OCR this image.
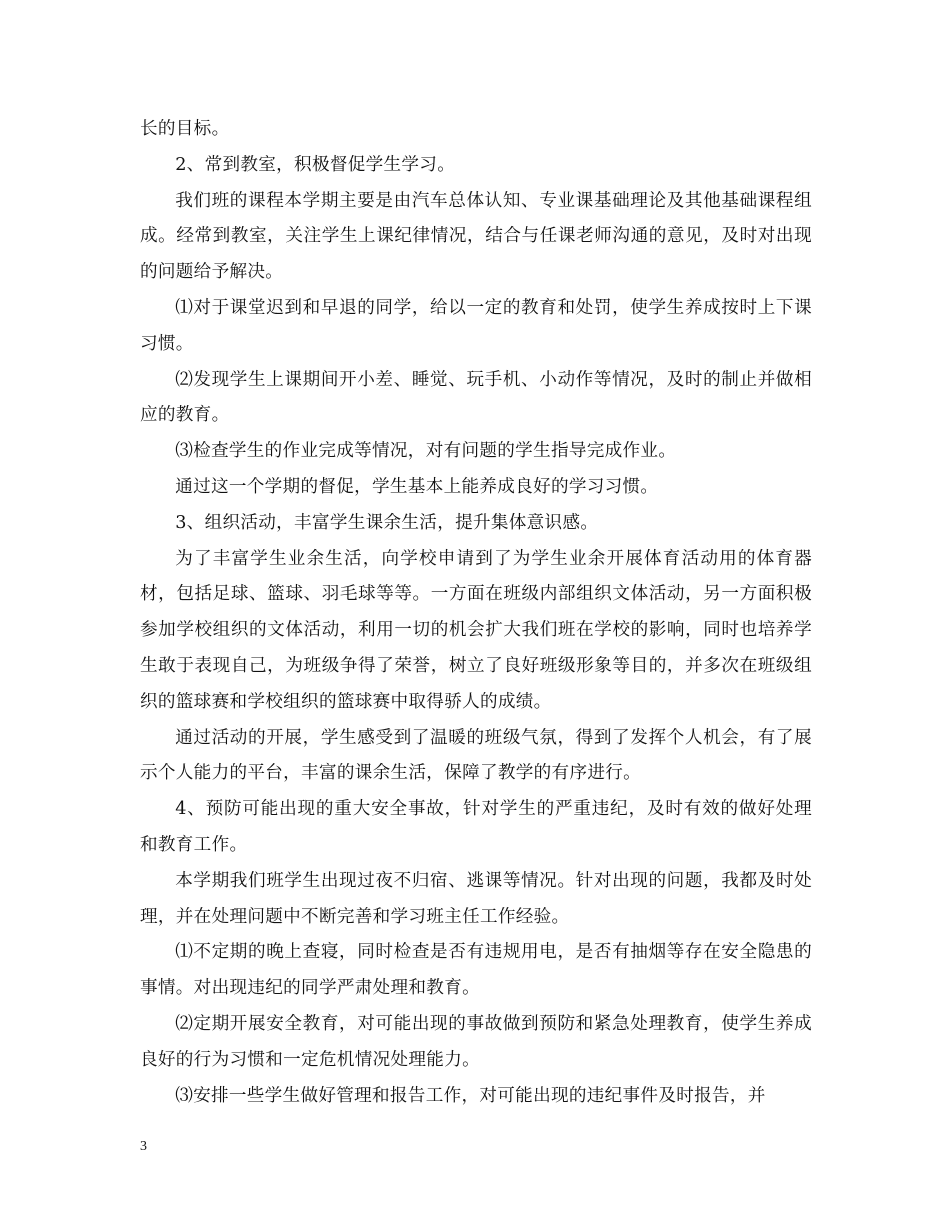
长的目标。

2、常到教室，积极督促学生学习。

我们班的课程本学期主要是由汽车总体认知、专业课基础理论及其他基础课程组成。经常到教室，关注学生上课纪律情况，结合与任课老师沟通的意见，及时对出现的问题给予解决。

⑴对于课堂迟到和早退的同学，给以一定的教育和处罚，使学生养成按时上下课习惯。

⑵发现学生上课期间开小差、睡觉、玩手机、小动作等情况，及时的制止并做相应的教育。

⑶检查学生的作业完成等情况，对有问题的学生指导完成作业。

通过这一个学期的督促，学生基本上能养成良好的学习习惯。

3、组织活动，丰富学生课余生活，提升集体意识感。

为了丰富学生业余生活，向学校申请到了为学生业余开展体育活动用的体育器材，包括足球、篮球、羽毛球等等。一方面在班级内部组织文体活动，另一方面积极参加学校组织的文体活动，利用一切的机会扩大我们班在学校的影响，同时也培养学生敢于表现自己，为班级争得了荣誉，树立了良好班级形象等目的，并多次在班级组织的篮球赛和学校组织的篮球赛中取得骄人的成绩。

通过活动的开展，学生感受到了温暖的班级气氛，得到了发挥个人机会，有了展示个人能力的平台，丰富的课余生活，保障了教学的有序进行。

4、预防可能出现的重大安全事故，针对学生的严重违纪，及时有效的做好处理和教育工作。

本学期我们班学生出现过夜不归宿、逃课等情况。针对出现的问题，我都及时处理，并在处理问题中不断完善和学习班主任工作经验。

⑴不定期的晚上查寝，同时检查是否有违规用电，是否有抽烟等存在安全隐患的事情。对出现违纪的同学严肃处理和教育。

⑵定期开展安全教育，对可能出现的事故做到预防和紧急处理教育，使学生养成良好的行为习惯和一定危机情况处理能力。

⑶安排一些学生做好管理和报告工作，对可能出现的违纪事件及时报告，并

3
